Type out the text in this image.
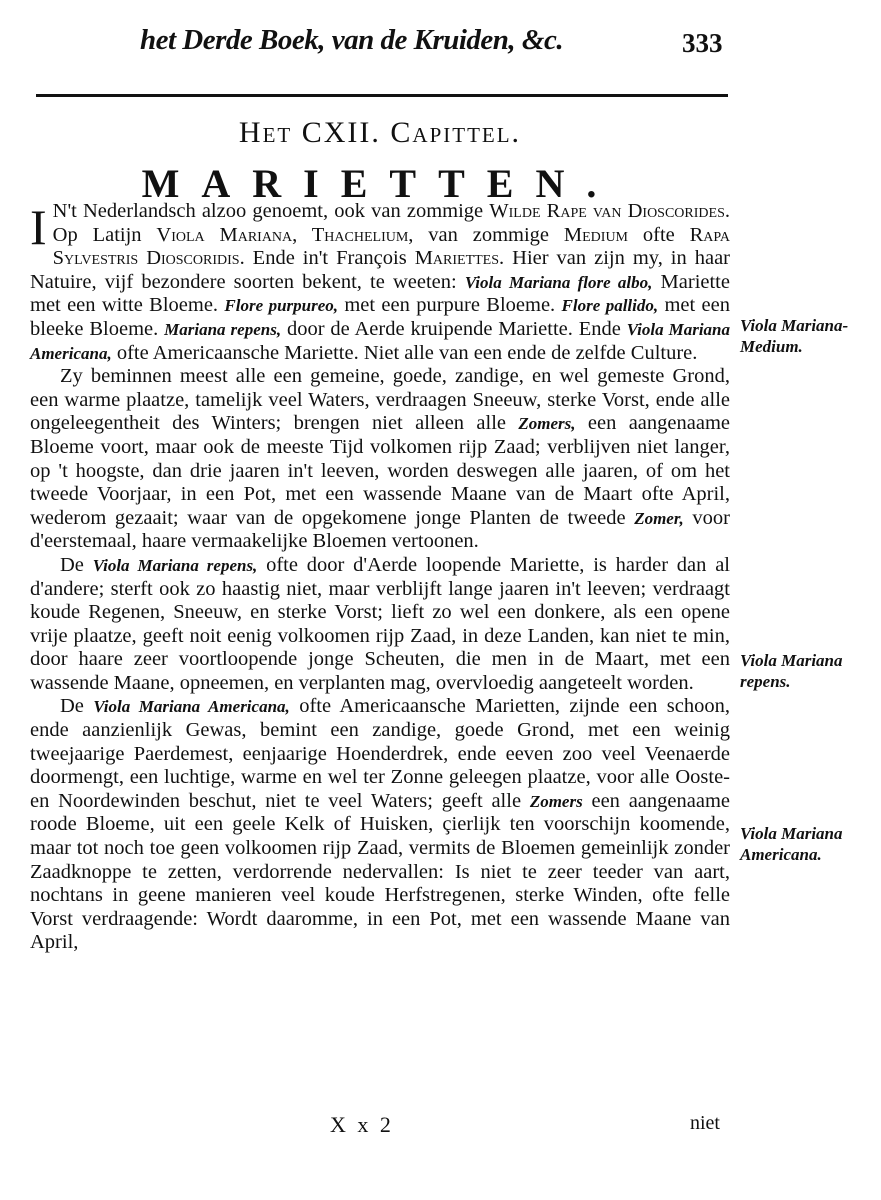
het Derde Boek, van de Kruiden, &c.	333
Het CXII. Capittel.
MARIETTEN.

I N't Nederlandsch alzoo genoemt, ook van zommige Wilde Rape van Dioscorides. Op Latijn Viola Mariana, Thachelium, van zommige Medium ofte Rapa Sylvestris Dioscoridis. Ende in't François Mariettes. Hier van zijn my, in haar Natuire, vijf bezondere soorten bekent, te weeten: Viola Mariana flore albo, Mariette met een witte Bloeme. Flore purpureo, met een purpure Bloeme. Flore pallido, met een bleeke Bloeme. Mariana repens, door de Aerde kruipende Mariette. Ende Viola Mariana Americana, ofte Americaansche Mariette. Niet alle van een ende de zelfde Culture.

Zy beminnen meest alle een gemeine, goede, zandige, en wel gemeste Grond, een warme plaatze, tamelijk veel Waters, verdraagen Sneeuw, sterke Vorst, ende alle ongeleegentheit des Winters; brengen niet alleen alle Zomers, een aangenaame Bloeme voort, maar ook de meeste Tijd volkomen rijp Zaad; verblijven niet langer, op 't hoogste, dan drie jaaren in't leeven, worden deswegen alle jaaren, of om het tweede Voorjaar, in een Pot, met een wassende Maane van de Maart ofte April, wederom gezaait; waar van de opgekomene jonge Planten de tweede Zomer, voor d'eerstemaal, haare vermaakelijke Bloemen vertoonen.

De Viola Mariana repens, ofte door d'Aerde loopende Mariette, is harder dan al d'andere; sterft ook zo haastig niet, maar verblijft lange jaaren in't leeven; verdraagt koude Regenen, Sneeuw, en sterke Vorst; lieft zo wel een donkere, als een opene vrije plaatze, geeft noit eenig volkoomen rijp Zaad, in deze Landen, kan niet te min, door haare zeer voortloopende jonge Scheuten, die men in de Maart, met een wassende Maane, opneemen, en verplanten mag, overvloedig aangeteelt worden.

De Viola Mariana Americana, ofte Americaansche Marietten, zijnde een schoon, ende aanzienlijk Gewas, bemint een zandige, goede Grond, met een weinig tweejaarige Paerdemest, eenjaarige Hoenderdrek, ende eeven zoo veel Veenaerde doormengt, een luchtige, warme en wel ter Zonne geleegen plaatze, voor alle Ooste- en Noordewinden beschut, niet te veel Waters; geeft alle Zomers een aangenaame roode Bloeme, uit een geele Kelk of Huisken, çierlijk ten voorschijn koomende, maar tot noch toe geen volkoomen rijp Zaad, vermits de Bloemen gemeinlijk zonder Zaadknoppe te zetten, verdorrende nedervallen: Is niet te zeer teeder van aart, nochtans in geene manieren veel koude Herfstregenen, sterke Winden, ofte felle Vorst verdraagende: Wordt daaromme, in een Pot, met een wassende Maane van April,

Viola Mariana-Medium.
Viola Mariana repens.
Viola Mariana Americana.
X x 2	niet
